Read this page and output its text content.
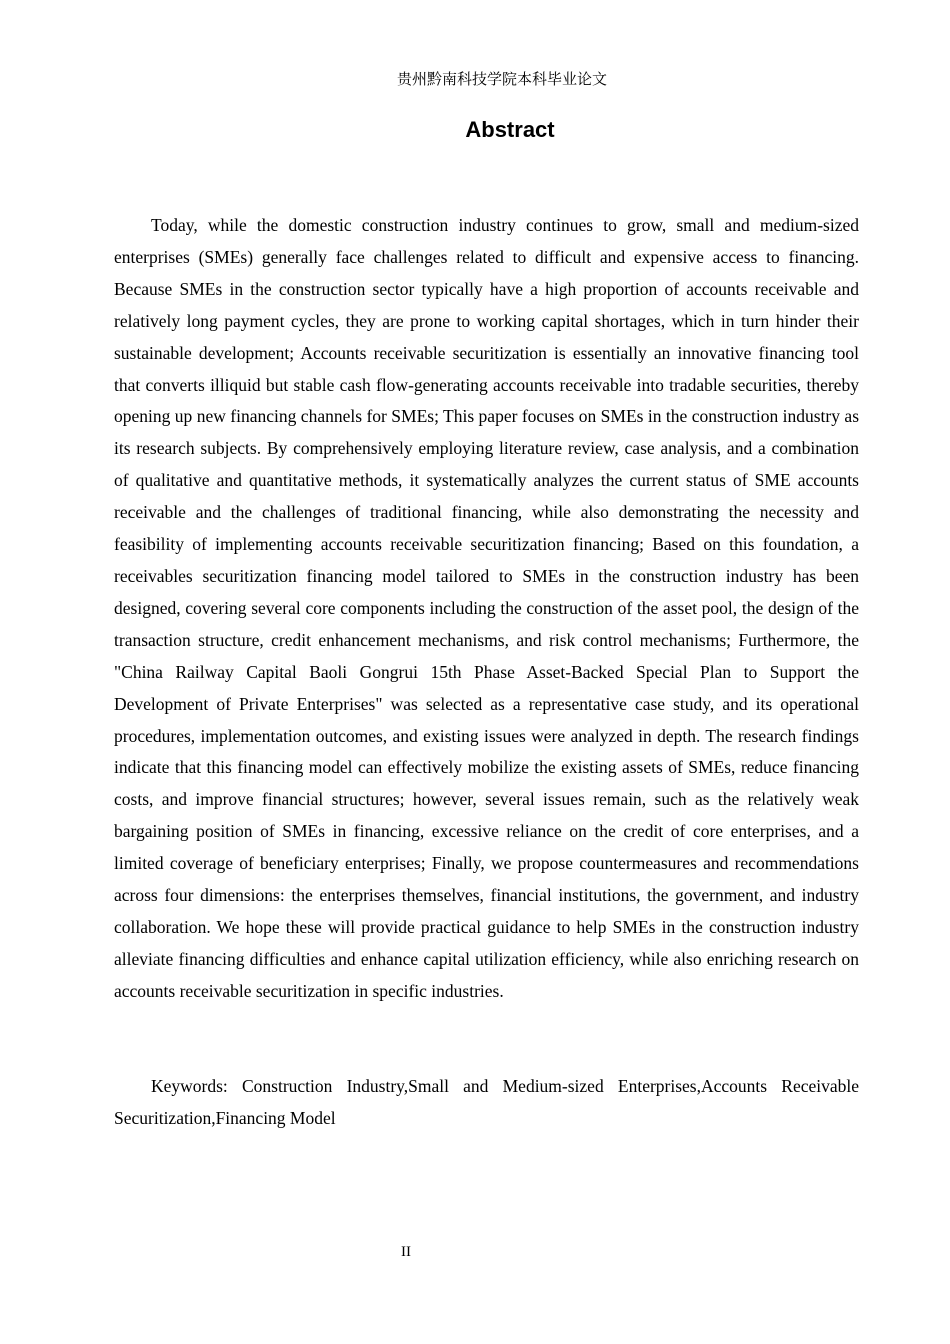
贵州黔南科技学院本科毕业论文
Abstract

Today, while the domestic construction industry continues to grow, small and medium-sized enterprises (SMEs) generally face challenges related to difficult and expensive access to financing. Because SMEs in the construction sector typically have a high proportion of accounts receivable and relatively long payment cycles, they are prone to working capital shortages, which in turn hinder their sustainable development; Accounts receivable securitization is essentially an innovative financing tool that converts illiquid but stable cash flow-generating accounts receivable into tradable securities, thereby opening up new financing channels for SMEs; This paper focuses on SMEs in the construction industry as its research subjects. By comprehensively employing literature review, case analysis, and a combination of qualitative and quantitative methods, it systematically analyzes the current status of SME accounts receivable and the challenges of traditional financing, while also demonstrating the necessity and feasibility of implementing accounts receivable securitization financing; Based on this foundation, a receivables securitization financing model tailored to SMEs in the construction industry has been designed, covering several core components including the construction of the asset pool, the design of the transaction structure, credit enhancement mechanisms, and risk control mechanisms; Furthermore, the "China Railway Capital Baoli Gongrui 15th Phase Asset-Backed Special Plan to Support the Development of Private Enterprises" was selected as a representative case study, and its operational procedures, implementation outcomes, and existing issues were analyzed in depth. The research findings indicate that this financing model can effectively mobilize the existing assets of SMEs, reduce financing costs, and improve financial structures; however, several issues remain, such as the relatively weak bargaining position of SMEs in financing, excessive reliance on the credit of core enterprises, and a limited coverage of beneficiary enterprises; Finally, we propose countermeasures and recommendations across four dimensions: the enterprises themselves, financial institutions, the government, and industry collaboration. We hope these will provide practical guidance to help SMEs in the construction industry alleviate financing difficulties and enhance capital utilization efficiency, while also enriching research on accounts receivable securitization in specific industries.

Keywords: Construction Industry,Small and Medium-sized Enterprises,Accounts Receivable Securitization,Financing Model

II
